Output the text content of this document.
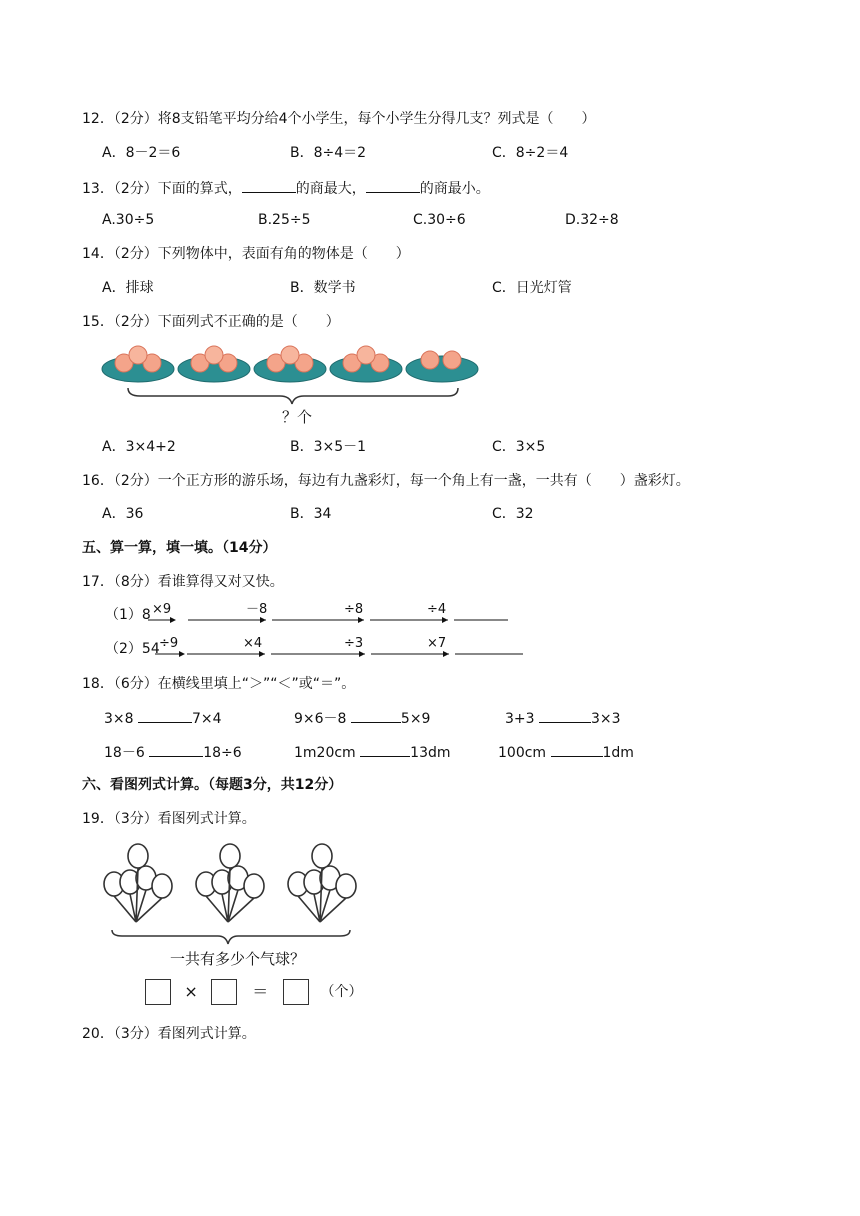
12．（2分）将8支铅笔平均分给4个小学生，每个小学生分得几支？列式是（　　）
A．8－2＝6	B．8÷4＝2	C．8÷2＝4
13．（2分）下面的算式，	的商最大，	的商最小。
A.30÷5	B.25÷5	C.30÷6	D.32÷8
14．（2分）下列物体中，表面有角的物体是（　　）
A．排球	B．数学书	C．日光灯管
15．（2分）下面列式不正确的是（　　）
？个
A．3×4+2	B．3×5－1	C．3×5
16．（2分）一个正方形的游乐场，每边有九盏彩灯，每一个角上有一盏，一共有（　　）盏彩灯。
A．36	B．34	C．32
五、算一算，填一填。（14分）
17．（8分）看谁算得又对又快。
（1）8 ×9	－8	÷8	÷4
（2）54 ÷9	×4	÷3	×7
18．（6分）在横线里填上“＞”“＜”或“＝”。
3×8	7×4	9×6－8	5×9	3+3	3×3
18－6	18÷6	1m20cm	13dm	100cm	1dm
六、看图列式计算。（每题3分，共12分）
19．（3分）看图列式计算。
一共有多少个气球？
×	＝	（个）
20．（3分）看图列式计算。
